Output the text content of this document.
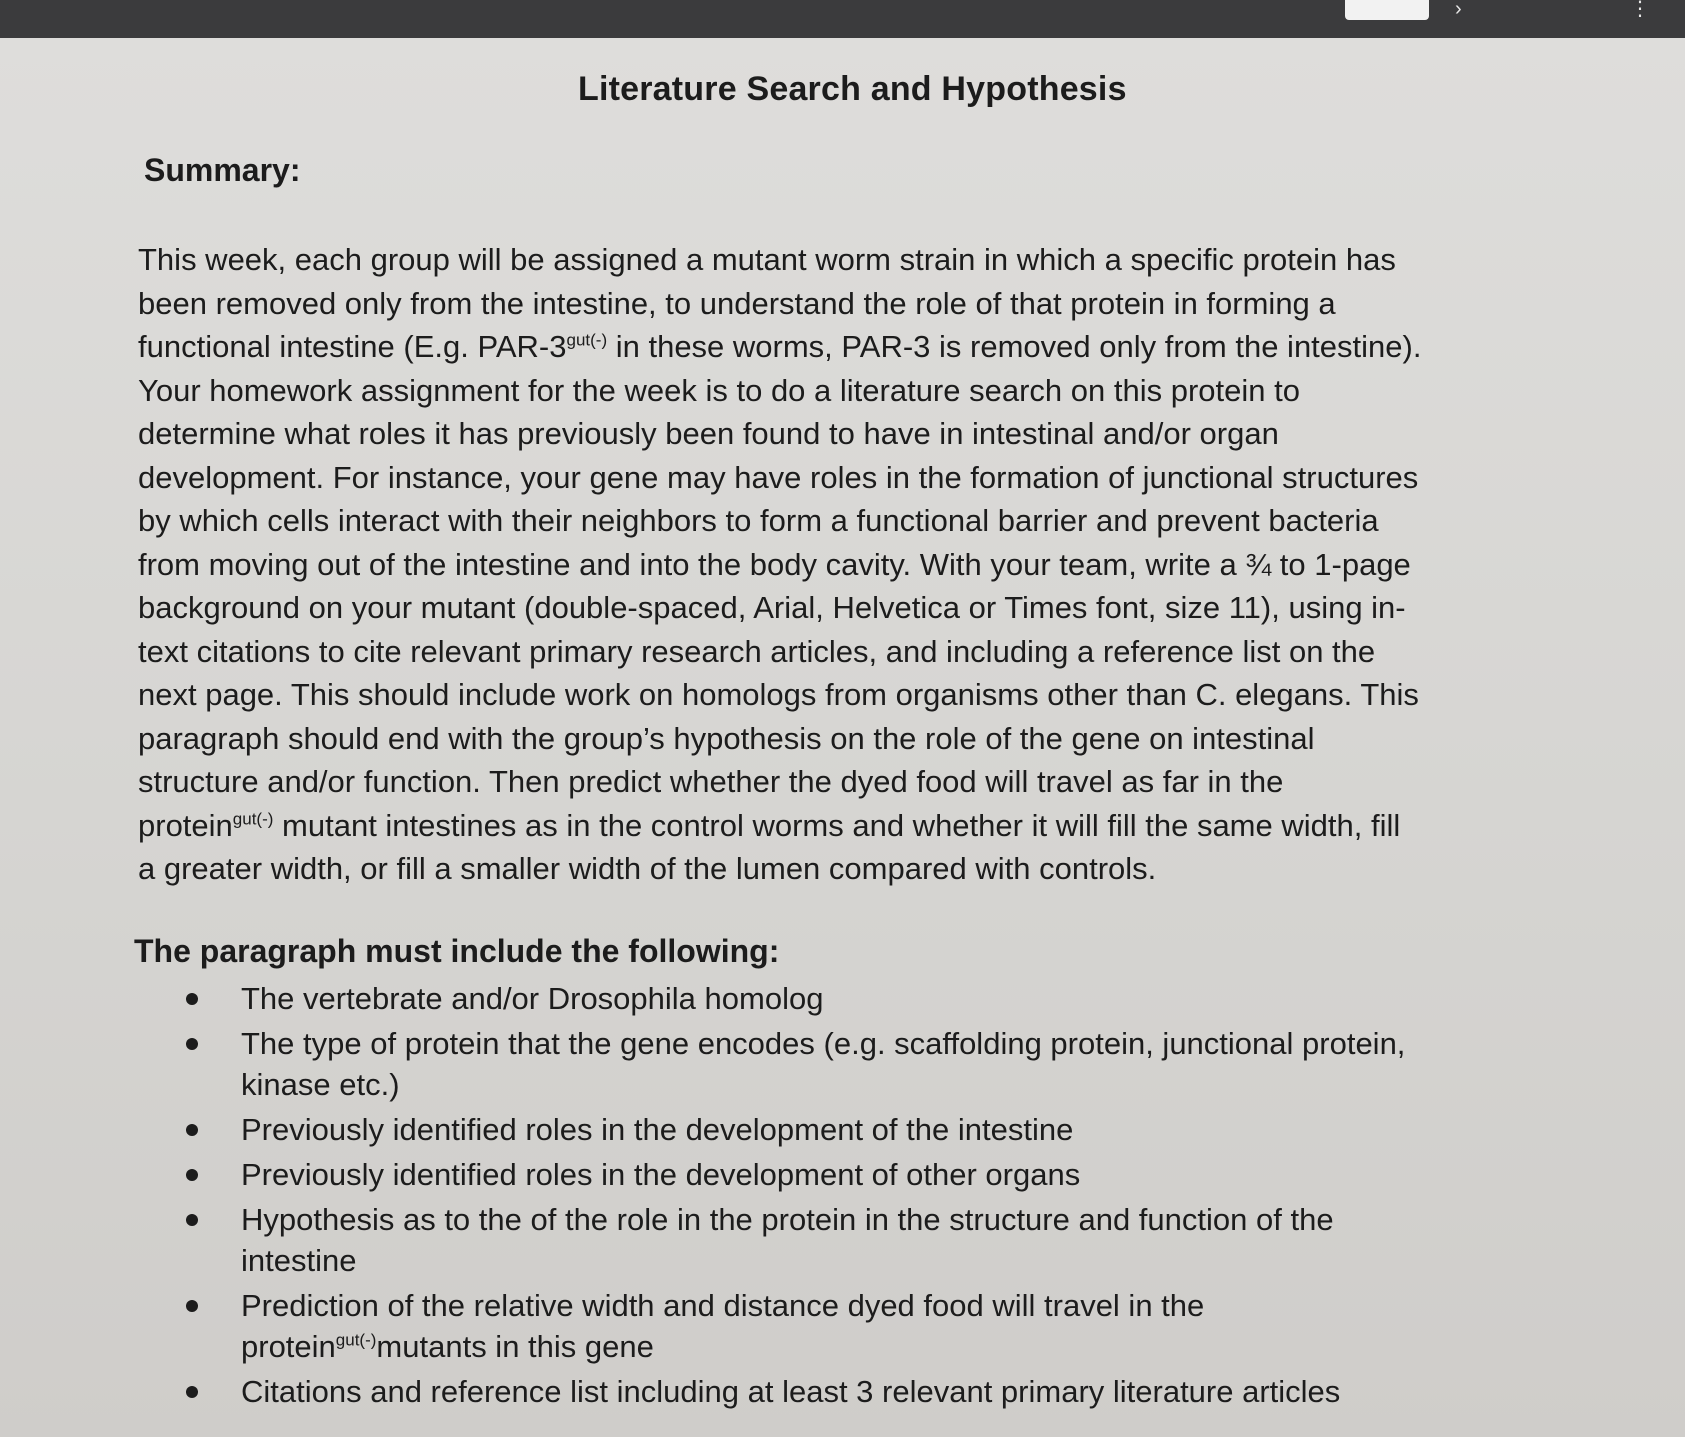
›	⋮
Literature Search and Hypothesis
Summary:
This week, each group will be assigned a mutant worm strain in which a specific protein has
been removed only from the intestine, to understand the role of that protein in forming a
functional intestine (E.g. PAR-$3^{gut(-)}$ in these worms, PAR-3 is removed only from the intestine).
Your homework assignment for the week is to do a literature search on this protein to
determine what roles it has previously been found to have in intestinal and/or organ
development. For instance, your gene may have roles in the formation of junctional structures
by which cells interact with their neighbors to form a functional barrier and prevent bacteria
from moving out of the intestine and into the body cavity. With your team, write a ¾ to 1-page
background on your mutant (double-spaced, Arial, Helvetica or Times font, size 11), using in-
text citations to cite relevant primary research articles, and including a reference list on the
next page. This should include work on homologs from organisms other than C. elegans. This
paragraph should end with the group’s hypothesis on the role of the gene on intestinal
structure and/or function. Then predict whether the dyed food will travel as far in the
protein$^{gut(-)}$ mutant intestines as in the control worms and whether it will fill the same width, fill
a greater width, or fill a smaller width of the lumen compared with controls.
The paragraph must include the following:
The vertebrate and/or Drosophila homolog
The type of protein that the gene encodes (e.g. scaffolding protein, junctional protein,
kinase etc.)
Previously identified roles in the development of the intestine
Previously identified roles in the development of other organs
Hypothesis as to the of the role in the protein in the structure and function of the
intestine
Prediction of the relative width and distance dyed food will travel in the
protein$^{gut(-)}$mutants in this gene
Citations and reference list including at least 3 relevant primary literature articles
